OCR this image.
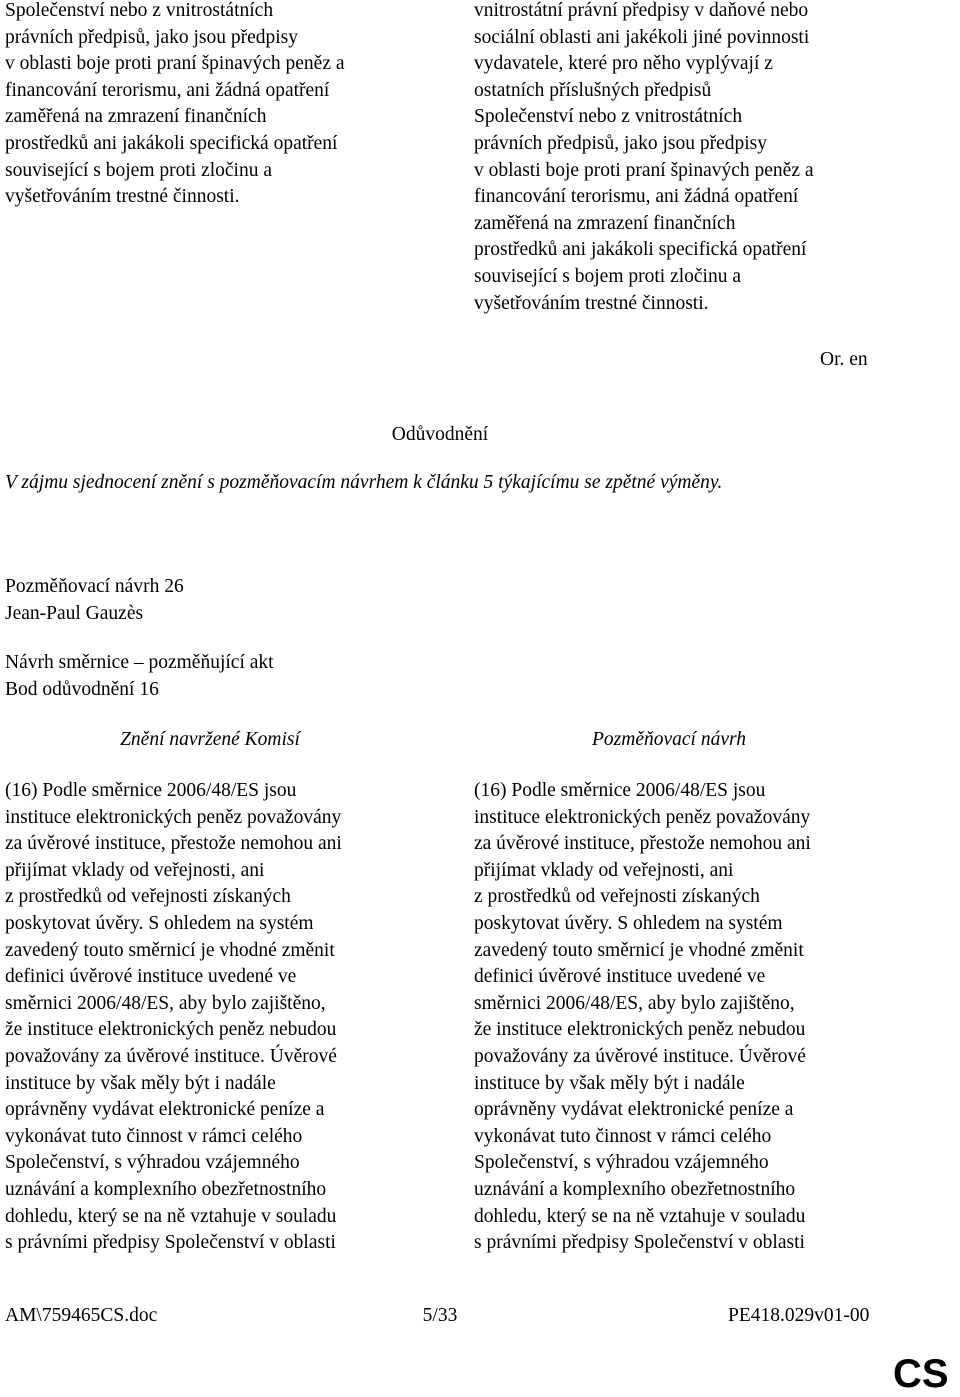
Společenství nebo z vnitrostátních
právních předpisů, jako jsou předpisy
v oblasti boje proti praní špinavých peněz a
financování terorismu, ani žádná opatření
zaměřená na zmrazení finančních
prostředků ani jakákoli specifická opatření
související s bojem proti zločinu a
vyšetřováním trestné činnosti.
vnitrostátní právní předpisy v daňové nebo
sociální oblasti ani jakékoli jiné povinnosti
vydavatele, které pro něho vyplývají z
ostatních příslušných předpisů
Společenství nebo z vnitrostátních
právních předpisů, jako jsou předpisy
v oblasti boje proti praní špinavých peněz a
financování terorismu, ani žádná opatření
zaměřená na zmrazení finančních
prostředků ani jakákoli specifická opatření
související s bojem proti zločinu a
vyšetřováním trestné činnosti.
Or. en
Odůvodnění
V zájmu sjednocení znění s pozměňovacím návrhem k článku 5 týkajícímu se zpětné výměny.
Pozměňovací návrh 26
Jean-Paul Gauzès
Návrh směrnice – pozměňující akt
Bod odůvodnění 16
Znění navržené Komisí	Pozměňovací návrh
(16) Podle směrnice 2006/48/ES jsou
instituce elektronických peněz považovány
za úvěrové instituce, přestože nemohou ani
přijímat vklady od veřejnosti, ani
z prostředků od veřejnosti získaných
poskytovat úvěry. S ohledem na systém
zavedený touto směrnicí je vhodné změnit
definici úvěrové instituce uvedené ve
směrnici 2006/48/ES, aby bylo zajištěno,
že instituce elektronických peněz nebudou
považovány za úvěrové instituce. Úvěrové
instituce by však měly být i nadále
oprávněny vydávat elektronické peníze a
vykonávat tuto činnost v rámci celého
Společenství, s výhradou vzájemného
uznávání a komplexního obezřetnostního
dohledu, který se na ně vztahuje v souladu
s právními předpisy Společenství v oblasti
(16) Podle směrnice 2006/48/ES jsou
instituce elektronických peněz považovány
za úvěrové instituce, přestože nemohou ani
přijímat vklady od veřejnosti, ani
z prostředků od veřejnosti získaných
poskytovat úvěry. S ohledem na systém
zavedený touto směrnicí je vhodné změnit
definici úvěrové instituce uvedené ve
směrnici 2006/48/ES, aby bylo zajištěno,
že instituce elektronických peněz nebudou
považovány za úvěrové instituce. Úvěrové
instituce by však měly být i nadále
oprávněny vydávat elektronické peníze a
vykonávat tuto činnost v rámci celého
Společenství, s výhradou vzájemného
uznávání a komplexního obezřetnostního
dohledu, který se na ně vztahuje v souladu
s právními předpisy Společenství v oblasti
AM\759465CS.doc	5/33	PE418.029v01-00
CS
